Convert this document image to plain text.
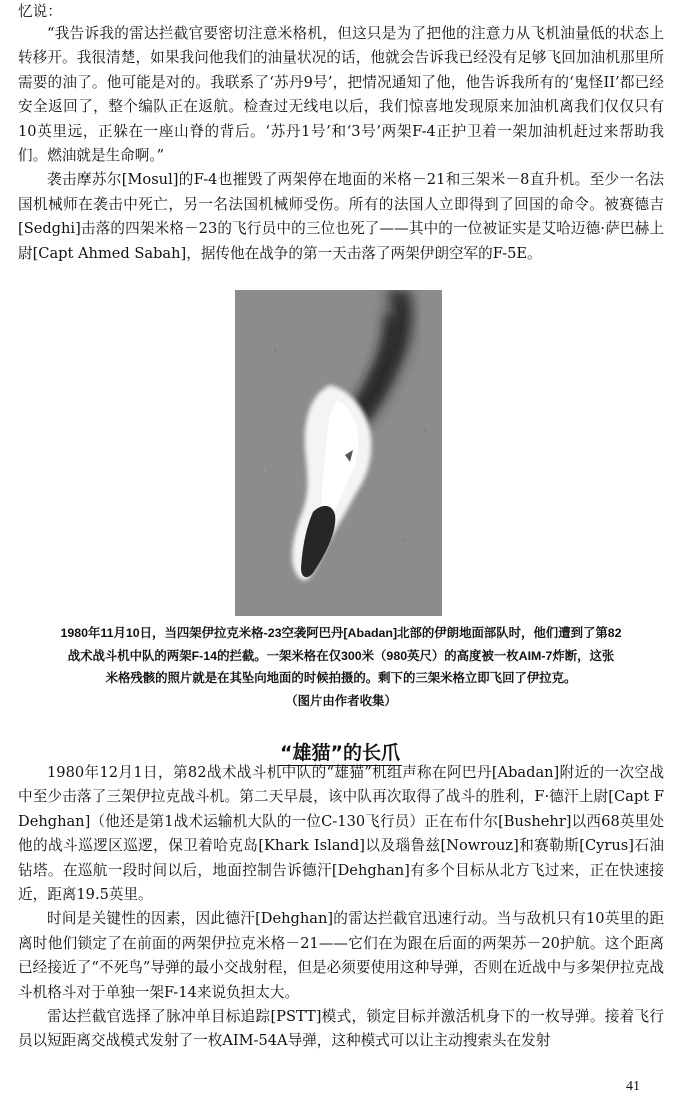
忆说：

“我告诉我的雷达拦截官要密切注意米格机，但这只是为了把他的注意力从飞机油量低的状态上转移开。我很清楚，如果我问他我们的油量状况的话，他就会告诉我已经没有足够飞回加油机那里所需要的油了。他可能是对的。我联系了‘苏丹9号’，把情况通知了他，他告诉我所有的‘鬼怪II’都已经安全返回了，整个编队正在返航。检查过无线电以后，我们惊喜地发现原来加油机离我们仅仅只有10英里远，正躲在一座山脊的背后。‘苏丹1号’和‘3号’两架F-4正护卫着一架加油机赶过来帮助我们。燃油就是生命啊。”

袭击摩苏尔[Mosul]的F-4也摧毁了两架停在地面的米格－21和三架米－8直升机。至少一名法国机械师在袭击中死亡，另一名法国机械师受伤。所有的法国人立即得到了回国的命令。被赛德吉[Sedghi]击落的四架米格－23的飞行员中的三位也死了——其中的一位被证实是艾哈迈德·萨巴赫上尉[Capt Ahmed Sabah]，据传他在战争的第一天击落了两架伊朗空军的F-5E。

1980年11月10日，当四架伊拉克米格-23空袭阿巴丹[Abadan]北部的伊朗地面部队时，他们遭到了第82
战术战斗机中队的两架F-14的拦截。一架米格在仅300米（980英尺）的高度被一枚AIM-7炸断，这张
米格残骸的照片就是在其坠向地面的时候拍摄的。剩下的三架米格立即飞回了伊拉克。
（图片由作者收集）
“雄猫”的长爪

1980年12月1日，第82战术战斗机中队的“雄猫”机组声称在阿巴丹[Abadan]附近的一次空战中至少击落了三架伊拉克战斗机。第二天早晨，该中队再次取得了战斗的胜利，F·德汗上尉[Capt F Dehghan]（他还是第1战术运输机大队的一位C-130飞行员）正在布什尔[Bushehr]以西68英里处他的战斗巡逻区巡逻，保卫着哈克岛[Khark Island]以及瑙鲁兹[Nowrouz]和赛勒斯[Cyrus]石油钻塔。在巡航一段时间以后，地面控制告诉德汗[Dehghan]有多个目标从北方飞过来，正在快速接近，距离19.5英里。

时间是关键性的因素，因此德汗[Dehghan]的雷达拦截官迅速行动。当与敌机只有10英里的距离时他们锁定了在前面的两架伊拉克米格－21——它们在为跟在后面的两架苏－20护航。这个距离已经接近了“不死鸟”导弹的最小交战射程，但是必须要使用这种导弹，否则在近战中与多架伊拉克战斗机格斗对于单独一架F-14来说负担太大。

雷达拦截官选择了脉冲单目标追踪[PSTT]模式，锁定目标并激活机身下的一枚导弹。接着飞行员以短距离交战模式发射了一枚AIM-54A导弹，这种模式可以让主动搜索头在发射

41
